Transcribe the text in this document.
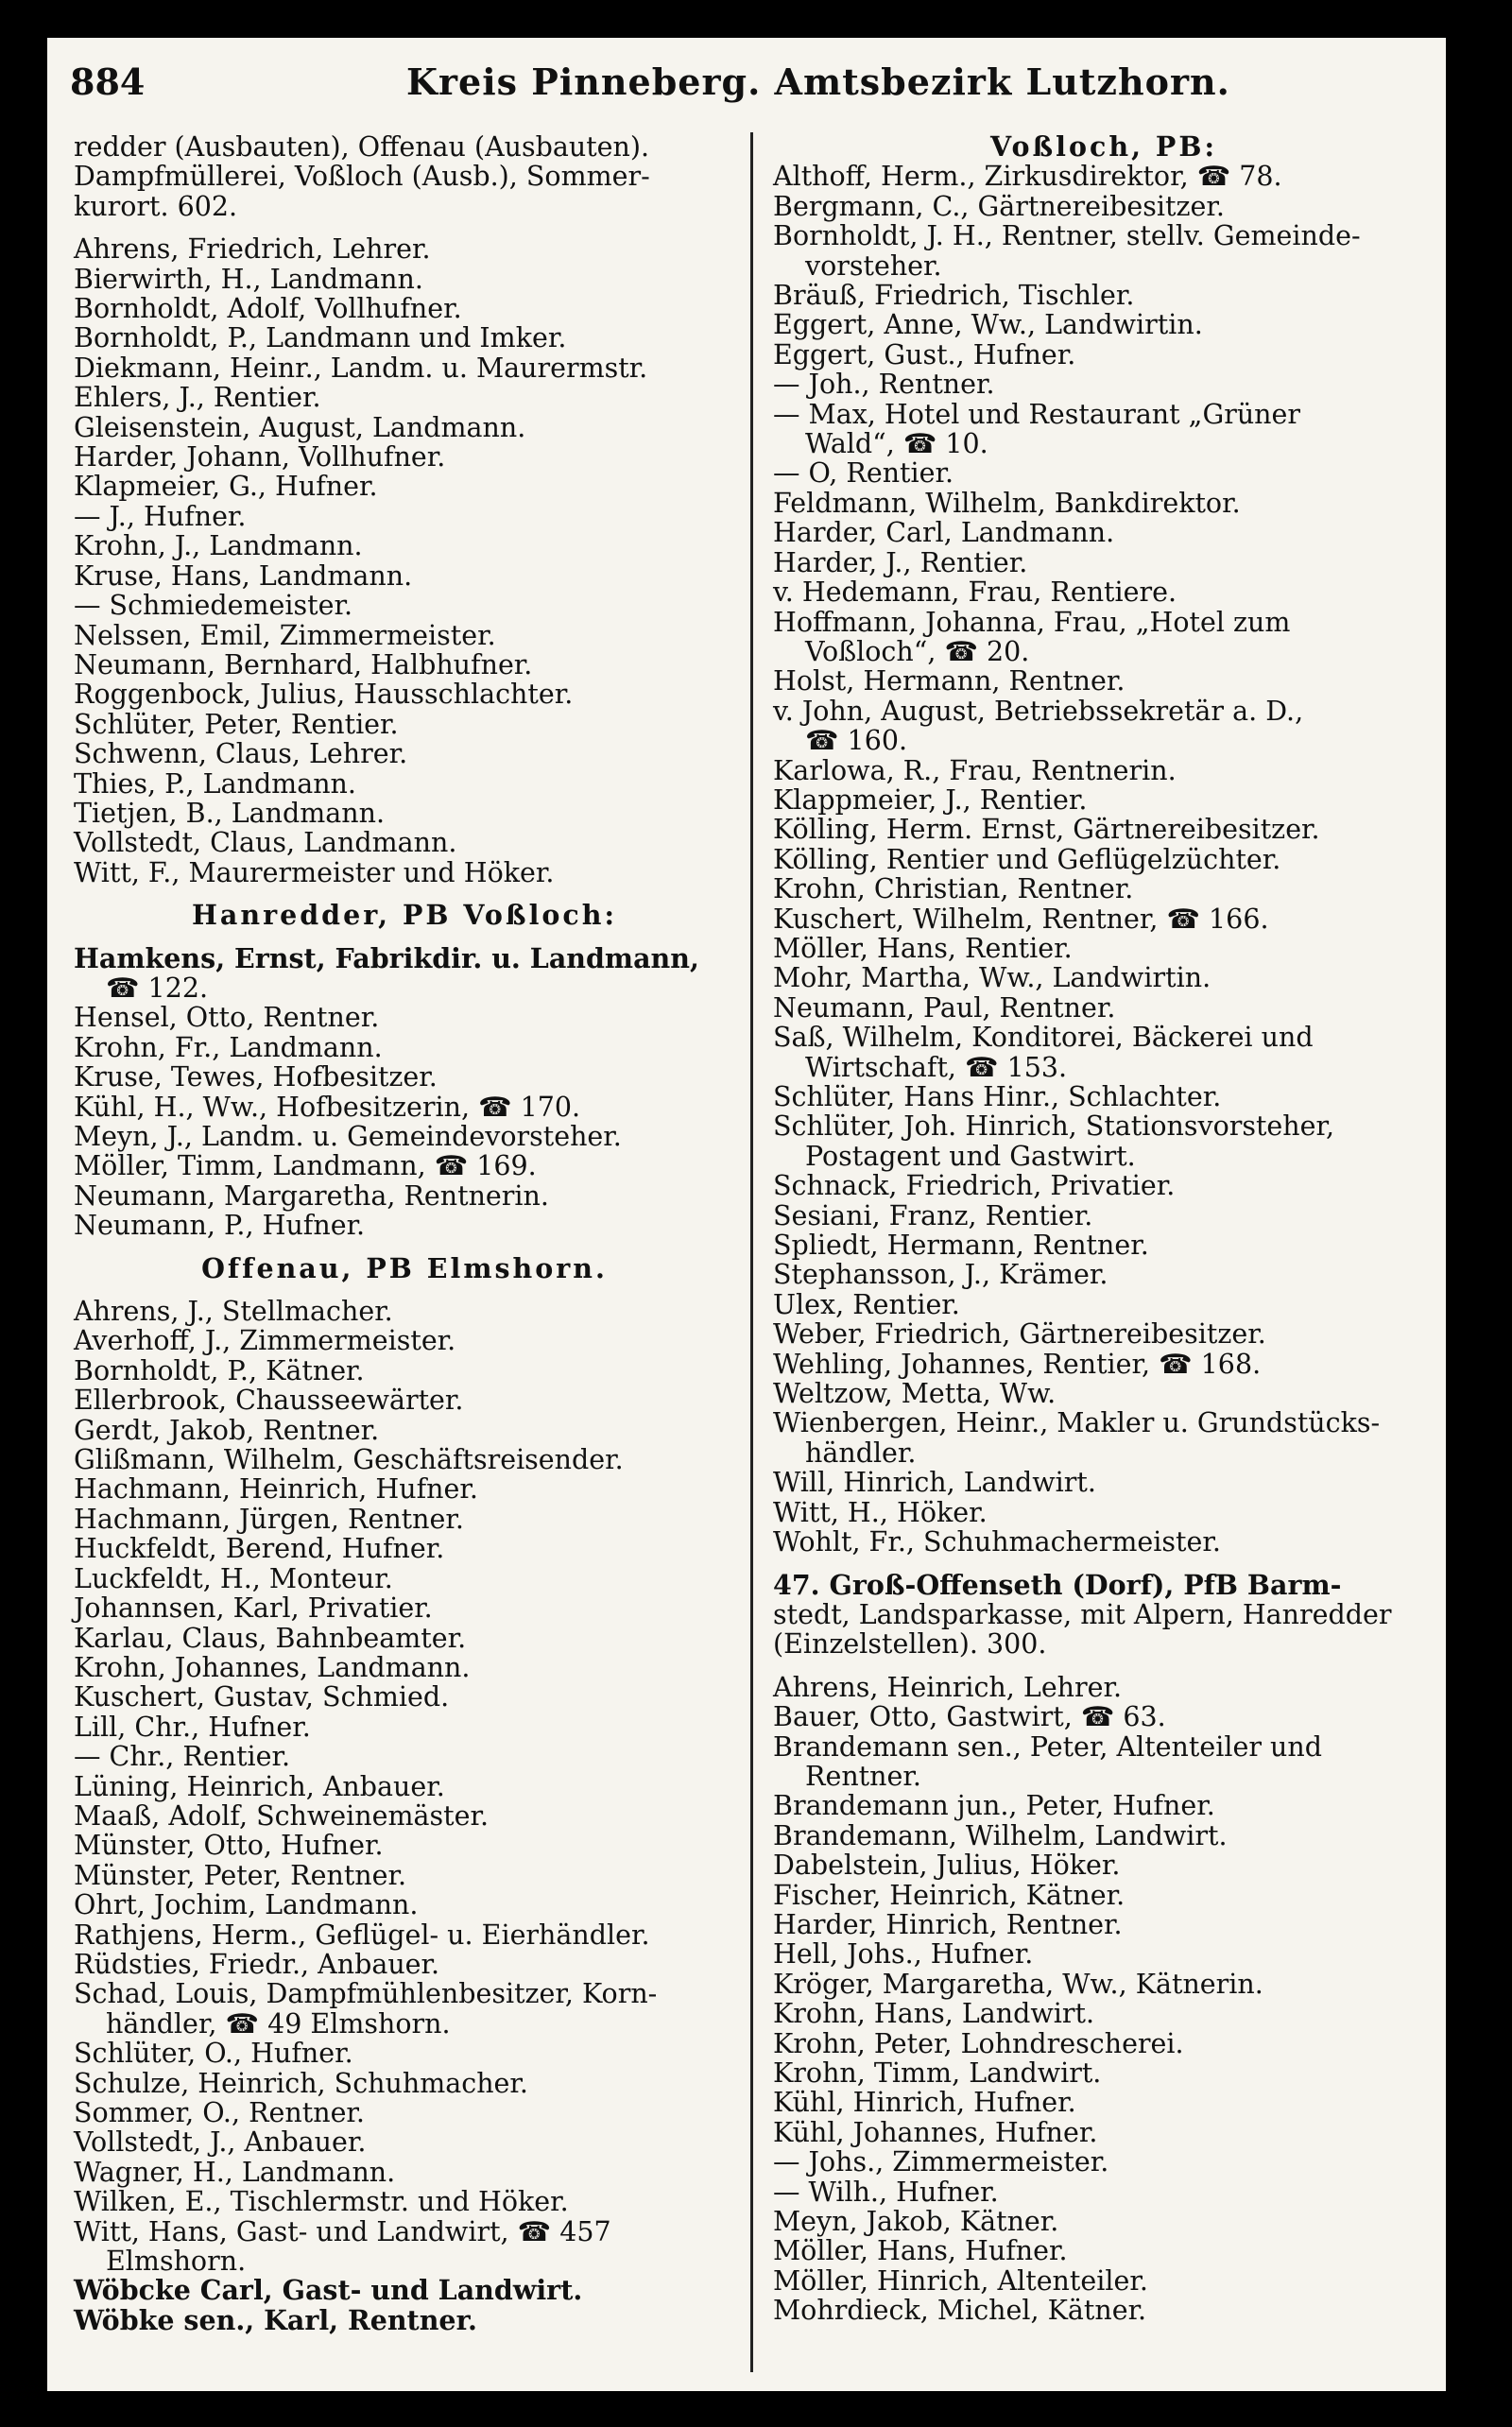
884	Kreis Pinneberg. Amtsbezirk Lutzhorn.
redder (Ausbauten), Offenau (Ausbauten).
Dampfmüllerei, Voßloch (Ausb.), Sommer-
kurort. 602.
Ahrens, Friedrich, Lehrer.
Bierwirth, H., Landmann.
Bornholdt, Adolf, Vollhufner.
Bornholdt, P., Landmann und Imker.
Diekmann, Heinr., Landm. u. Maurermstr.
Ehlers, J., Rentier.
Gleisenstein, August, Landmann.
Harder, Johann, Vollhufner.
Klapmeier, G., Hufner.
— J., Hufner.
Krohn, J., Landmann.
Kruse, Hans, Landmann.
— Schmiedemeister.
Nelssen, Emil, Zimmermeister.
Neumann, Bernhard, Halbhufner.
Roggenbock, Julius, Hausschlachter.
Schlüter, Peter, Rentier.
Schwenn, Claus, Lehrer.
Thies, P., Landmann.
Tietjen, B., Landmann.
Vollstedt, Claus, Landmann.
Witt, F., Maurermeister und Höker.
Hanredder, PB Voßloch:
Hamkens, Ernst, Fabrikdir. u. Landmann,
☎ 122.
Hensel, Otto, Rentner.
Krohn, Fr., Landmann.
Kruse, Tewes, Hofbesitzer.
Kühl, H., Ww., Hofbesitzerin, ☎ 170.
Meyn, J., Landm. u. Gemeindevorsteher.
Möller, Timm, Landmann, ☎ 169.
Neumann, Margaretha, Rentnerin.
Neumann, P., Hufner.
Offenau, PB Elmshorn.
Ahrens, J., Stellmacher.
Averhoff, J., Zimmermeister.
Bornholdt, P., Kätner.
Ellerbrook, Chausseewärter.
Gerdt, Jakob, Rentner.
Glißmann, Wilhelm, Geschäftsreisender.
Hachmann, Heinrich, Hufner.
Hachmann, Jürgen, Rentner.
Huckfeldt, Berend, Hufner.
Luckfeldt, H., Monteur.
Johannsen, Karl, Privatier.
Karlau, Claus, Bahnbeamter.
Krohn, Johannes, Landmann.
Kuschert, Gustav, Schmied.
Lill, Chr., Hufner.
— Chr., Rentier.
Lüning, Heinrich, Anbauer.
Maaß, Adolf, Schweinemäster.
Münster, Otto, Hufner.
Münster, Peter, Rentner.
Ohrt, Jochim, Landmann.
Rathjens, Herm., Geflügel- u. Eierhändler.
Rüdsties, Friedr., Anbauer.
Schad, Louis, Dampfmühlenbesitzer, Korn-
händler, ☎ 49 Elmshorn.
Schlüter, O., Hufner.
Schulze, Heinrich, Schuhmacher.
Sommer, O., Rentner.
Vollstedt, J., Anbauer.
Wagner, H., Landmann.
Wilken, E., Tischlermstr. und Höker.
Witt, Hans, Gast- und Landwirt, ☎ 457
Elmshorn.
Wöbcke Carl, Gast- und Landwirt.
Wöbke sen., Karl, Rentner.
Voßloch, PB:
Althoff, Herm., Zirkusdirektor, ☎ 78.
Bergmann, C., Gärtnereibesitzer.
Bornholdt, J. H., Rentner, stellv. Gemeinde-
vorsteher.
Bräuß, Friedrich, Tischler.
Eggert, Anne, Ww., Landwirtin.
Eggert, Gust., Hufner.
— Joh., Rentner.
— Max, Hotel und Restaurant „Grüner
Wald“, ☎ 10.
— O, Rentier.
Feldmann, Wilhelm, Bankdirektor.
Harder, Carl, Landmann.
Harder, J., Rentier.
v. Hedemann, Frau, Rentiere.
Hoffmann, Johanna, Frau, „Hotel zum
Voßloch“, ☎ 20.
Holst, Hermann, Rentner.
v. John, August, Betriebssekretär a. D.,
☎ 160.
Karlowa, R., Frau, Rentnerin.
Klappmeier, J., Rentier.
Kölling, Herm. Ernst, Gärtnereibesitzer.
Kölling, Rentier und Geflügelzüchter.
Krohn, Christian, Rentner.
Kuschert, Wilhelm, Rentner, ☎ 166.
Möller, Hans, Rentier.
Mohr, Martha, Ww., Landwirtin.
Neumann, Paul, Rentner.
Saß, Wilhelm, Konditorei, Bäckerei und
Wirtschaft, ☎ 153.
Schlüter, Hans Hinr., Schlachter.
Schlüter, Joh. Hinrich, Stationsvorsteher,
Postagent und Gastwirt.
Schnack, Friedrich, Privatier.
Sesiani, Franz, Rentier.
Spliedt, Hermann, Rentner.
Stephansson, J., Krämer.
Ulex, Rentier.
Weber, Friedrich, Gärtnereibesitzer.
Wehling, Johannes, Rentier, ☎ 168.
Weltzow, Metta, Ww.
Wienbergen, Heinr., Makler u. Grundstücks-
händler.
Will, Hinrich, Landwirt.
Witt, H., Höker.
Wohlt, Fr., Schuhmachermeister.
47. Groß-Offenseth (Dorf), PfB Barm-
stedt, Landsparkasse, mit Alpern, Hanredder
(Einzelstellen). 300.
Ahrens, Heinrich, Lehrer.
Bauer, Otto, Gastwirt, ☎ 63.
Brandemann sen., Peter, Altenteiler und
Rentner.
Brandemann jun., Peter, Hufner.
Brandemann, Wilhelm, Landwirt.
Dabelstein, Julius, Höker.
Fischer, Heinrich, Kätner.
Harder, Hinrich, Rentner.
Hell, Johs., Hufner.
Kröger, Margaretha, Ww., Kätnerin.
Krohn, Hans, Landwirt.
Krohn, Peter, Lohndrescherei.
Krohn, Timm, Landwirt.
Kühl, Hinrich, Hufner.
Kühl, Johannes, Hufner.
— Johs., Zimmermeister.
— Wilh., Hufner.
Meyn, Jakob, Kätner.
Möller, Hans, Hufner.
Möller, Hinrich, Altenteiler.
Mohrdieck, Michel, Kätner.
